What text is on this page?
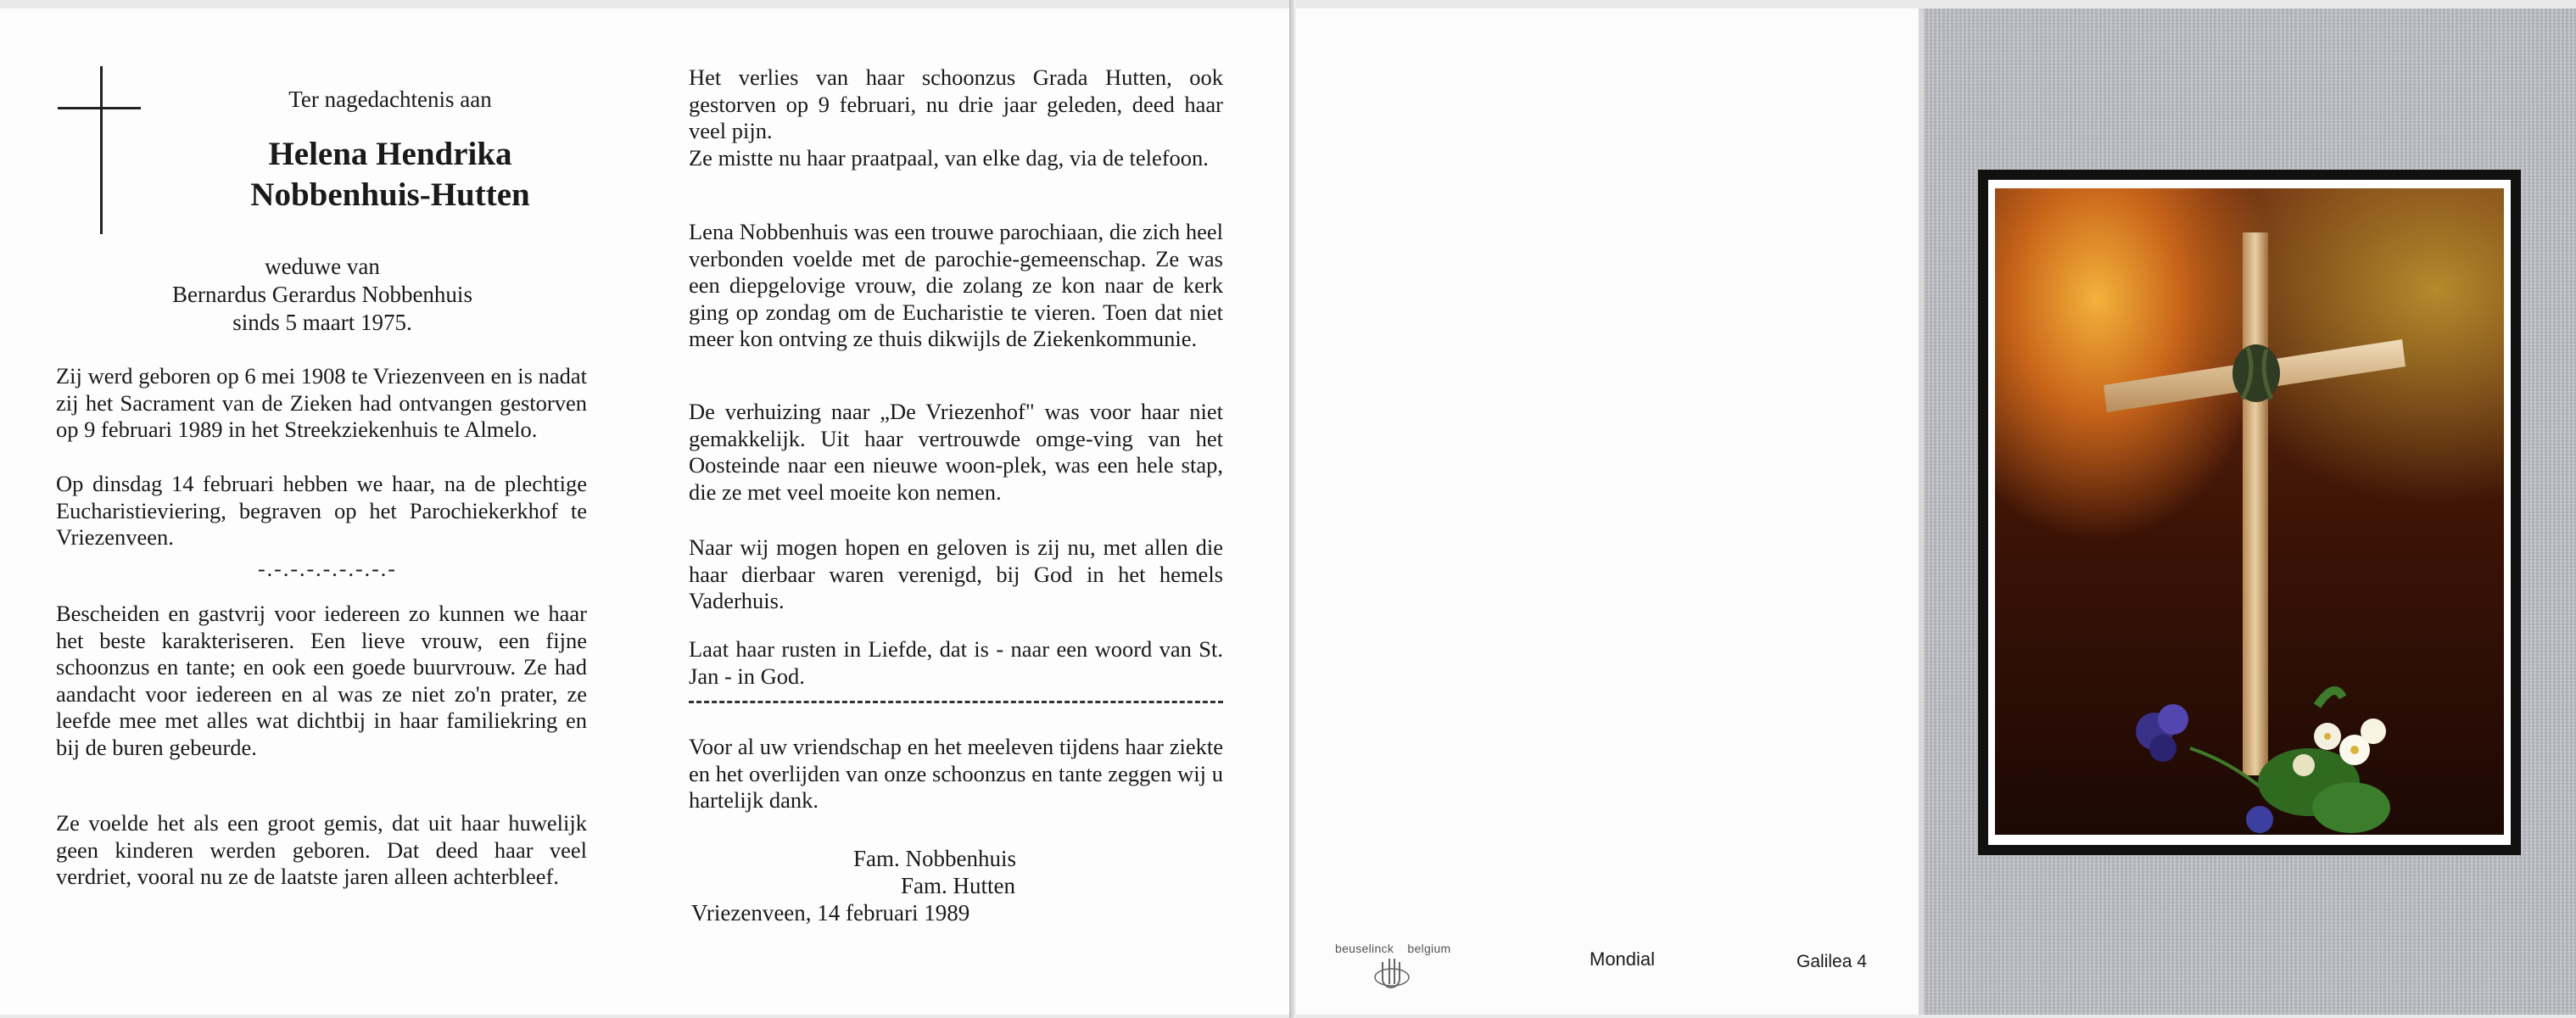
Ter nagedachtenis aan
Helena Hendrika
Nobbenhuis-Hutten
weduwe van
Bernardus Gerardus Nobbenhuis
sinds 5 maart 1975.

Zij werd geboren op 6 mei 1908 te Vriezenveen en is nadat zij het Sacrament van de Zieken had ontvangen gestorven op 9 februari 1989 in het Streekziekenhuis te Almelo.

Op dinsdag 14 februari hebben we haar, na de plechtige Eucharistieviering, begraven op het Parochiekerkhof te Vriezenveen.

-.-.-.-.-.-.-.-.-

Bescheiden en gastvrij voor iedereen zo kunnen we haar het beste karakteriseren. Een lieve vrouw, een fijne schoonzus en tante; en ook een goede buurvrouw. Ze had aandacht voor iedereen en al was ze niet zo'n prater, ze leefde mee met alles wat dichtbij in haar familiekring en bij de buren gebeurde.

Ze voelde het als een groot gemis, dat uit haar huwelijk geen kinderen werden geboren. Dat deed haar veel verdriet, vooral nu ze de laatste jaren alleen achterbleef.

Het verlies van haar schoonzus Grada Hutten, ook gestorven op 9 februari, nu drie jaar geleden, deed haar veel pijn.

Ze mistte nu haar praatpaal, van elke dag, via de telefoon.

Lena Nobbenhuis was een trouwe parochiaan, die zich heel verbonden voelde met de parochie-gemeenschap. Ze was een diepgelovige vrouw, die zolang ze kon naar de kerk ging op zondag om de Eucharistie te vieren. Toen dat niet meer kon ontving ze thuis dikwijls de Ziekenkommunie.

De verhuizing naar „De Vriezenhof" was voor haar niet gemakkelijk. Uit haar vertrouwde omge-ving van het Oosteinde naar een nieuwe woon-plek, was een hele stap, die ze met veel moeite kon nemen.

Naar wij mogen hopen en geloven is zij nu, met allen die haar dierbaar waren verenigd, bij God in het hemels Vaderhuis.

Laat haar rusten in Liefde, dat is - naar een woord van St. Jan - in God.

Voor al uw vriendschap en het meeleven tijdens haar ziekte en het overlijden van onze schoonzus en tante zeggen wij u hartelijk dank.

Fam. Nobbenhuis
Fam. Hutten
Vriezenveen, 14 februari 1989
beuselinck belgium	Mondial	Galilea 4
